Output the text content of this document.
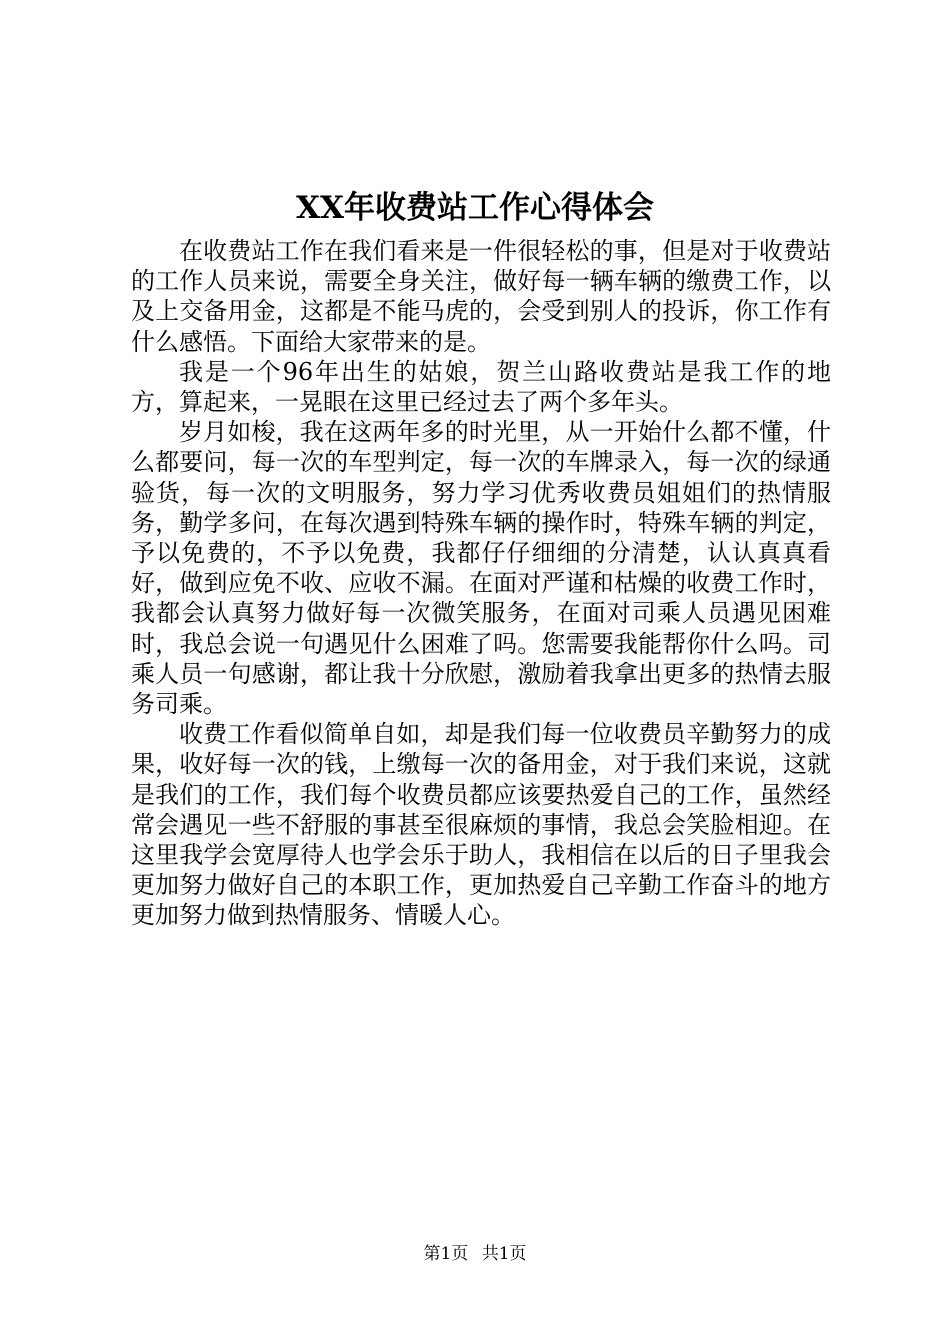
XX年收费站工作心得体会

在收费站工作在我们看来是一件很轻松的事，但是对于收费站的工作人员来说，需要全身关注，做好每一辆车辆的缴费工作，以及上交备用金，这都是不能马虎的，会受到别人的投诉，你工作有什么感悟。下面给大家带来的是。

我是一个96年出生的姑娘，贺兰山路收费站是我工作的地方，算起来，一晃眼在这里已经过去了两个多年头。

岁月如梭，我在这两年多的时光里，从一开始什么都不懂，什么都要问，每一次的车型判定，每一次的车牌录入，每一次的绿通验货，每一次的文明服务，努力学习优秀收费员姐姐们的热情服务，勤学多问，在每次遇到特殊车辆的操作时，特殊车辆的判定，予以免费的，不予以免费，我都仔仔细细的分清楚，认认真真看好，做到应免不收、应收不漏。在面对严谨和枯燥的收费工作时，我都会认真努力做好每一次微笑服务，在面对司乘人员遇见困难时，我总会说一句遇见什么困难了吗。您需要我能帮你什么吗。司乘人员一句感谢，都让我十分欣慰，激励着我拿出更多的热情去服务司乘。

收费工作看似简单自如，却是我们每一位收费员辛勤努力的成果，收好每一次的钱，上缴每一次的备用金，对于我们来说，这就是我们的工作，我们每个收费员都应该要热爱自己的工作，虽然经常会遇见一些不舒服的事甚至很麻烦的事情，我总会笑脸相迎。在这里我学会宽厚待人也学会乐于助人，我相信在以后的日子里我会更加努力做好自己的本职工作，更加热爱自己辛勤工作奋斗的地方更加努力做到热情服务、情暖人心。

第1页 共1页
